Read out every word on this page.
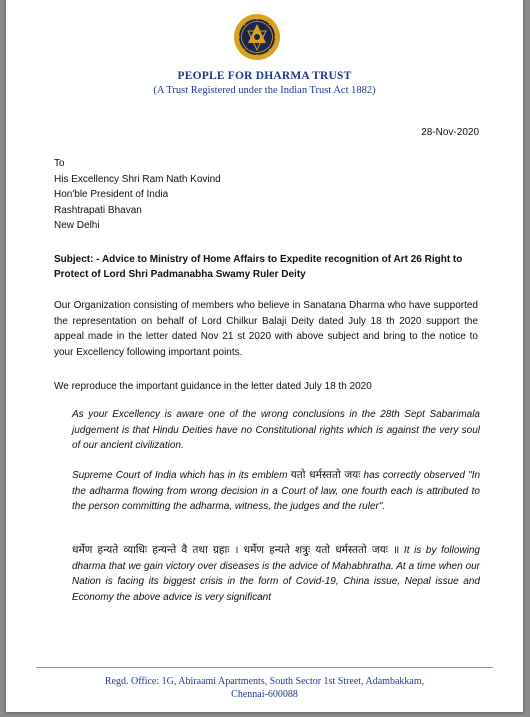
PEOPLE FOR DHARMA TRUST
(A Trust Registered under the Indian Trust Act 1882)
28-Nov-2020
To
His Excellency Shri Ram Nath Kovind
Hon'ble President of India
Rashtrapati Bhavan
New Delhi
Subject: - Advice to Ministry of Home Affairs to Expedite recognition of Art 26 Right to Protect of Lord Shri Padmanabha Swamy Ruler Deity
Our Organization consisting of members who believe in Sanatana Dharma who have supported the representation on behalf of Lord Chilkur Balaji Deity dated July 18 th 2020 support the appeal made in the letter dated Nov 21 st 2020 with above subject and bring to the notice to your Excellency following important points.
We reproduce the important guidance in the letter dated July 18 th 2020
As your Excellency is aware one of the wrong conclusions in the 28th Sept Sabarimala judgement is that Hindu Deities have no Constitutional rights which is against the very soul of our ancient civilization.
Supreme Court of India which has in its emblem यतो धर्मस्ततो जयः has correctly observed "In the adharma flowing from wrong decision in a Court of law, one fourth each is attributed to the person committing the adharma, witness, the judges and the ruler".
धर्मेण हन्यते व्याधिः हन्यन्ते वै तथा ग्रहाः । धर्मेण हन्यते शत्रुः यतो धर्मस्ततो जयः ॥ It is by following dharma that we gain victory over diseases is the advice of Mahabhratha. At a time when our Nation is facing its biggest crisis in the form of Covid-19, China issue, Nepal issue and Economy the above advice is very significant
Regd. Office: 1G, Abiraami Apartments, South Sector 1st Street, Adambakkam,
Chennai-600088
